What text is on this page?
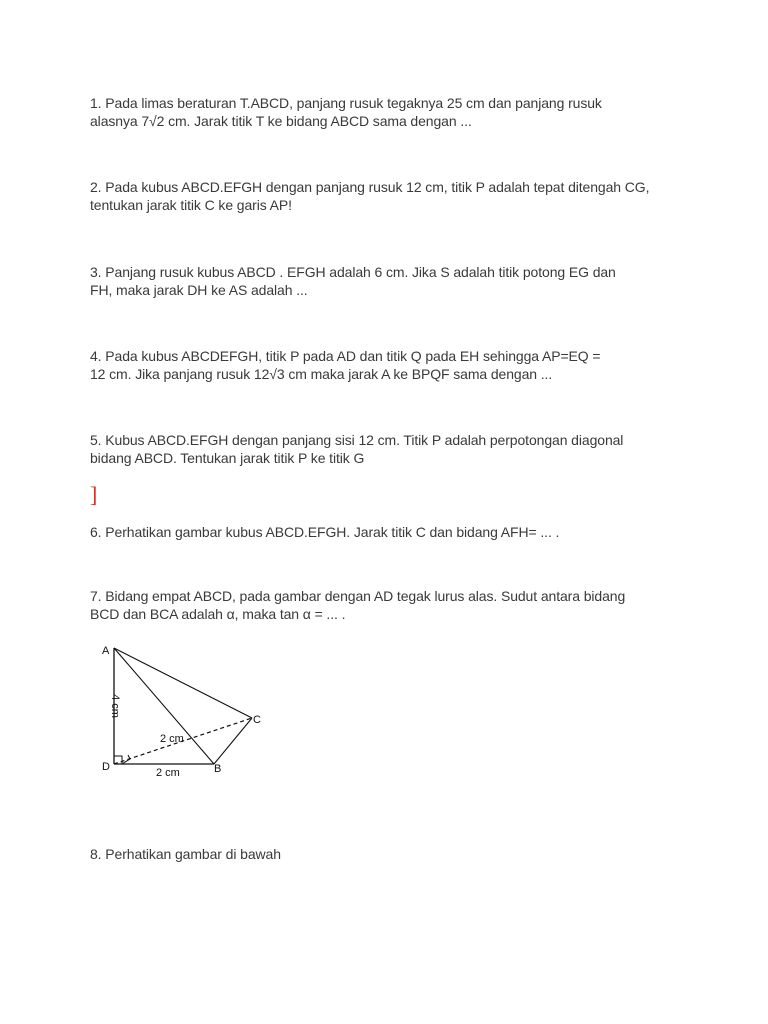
1. Pada limas beraturan T.ABCD, panjang rusuk tegaknya 25 cm dan panjang rusuk
alasnya 7√2 cm. Jarak titik T ke bidang ABCD sama dengan ...

2. Pada kubus ABCD.EFGH dengan panjang rusuk 12 cm, titik P adalah tepat ditengah CG,
tentukan jarak titik C ke garis AP!

3. Panjang rusuk kubus ABCD . EFGH adalah 6 cm. Jika S adalah titik potong EG dan
FH, maka jarak DH ke AS adalah ...

4. Pada kubus ABCDEFGH, titik P pada AD dan titik Q pada EH sehingga AP=EQ =
12 cm. Jika panjang rusuk 12√3 cm maka jarak A ke BPQF sama dengan ...

5. Kubus ABCD.EFGH dengan panjang sisi 12 cm. Titik P adalah perpotongan diagonal
bidang ABCD. Tentukan jarak titik P ke titik G

]

6. Perhatikan gambar kubus ABCD.EFGH. Jarak titik C dan bidang AFH= ... .

7. Bidang empat ABCD, pada gambar dengan AD tegak lurus alas. Sudut antara bidang
BCD dan BCA adalah α, maka tan α = ... .

A
B
C
D
4 cm
2 cm
2 cm

8. Perhatikan gambar di bawah
